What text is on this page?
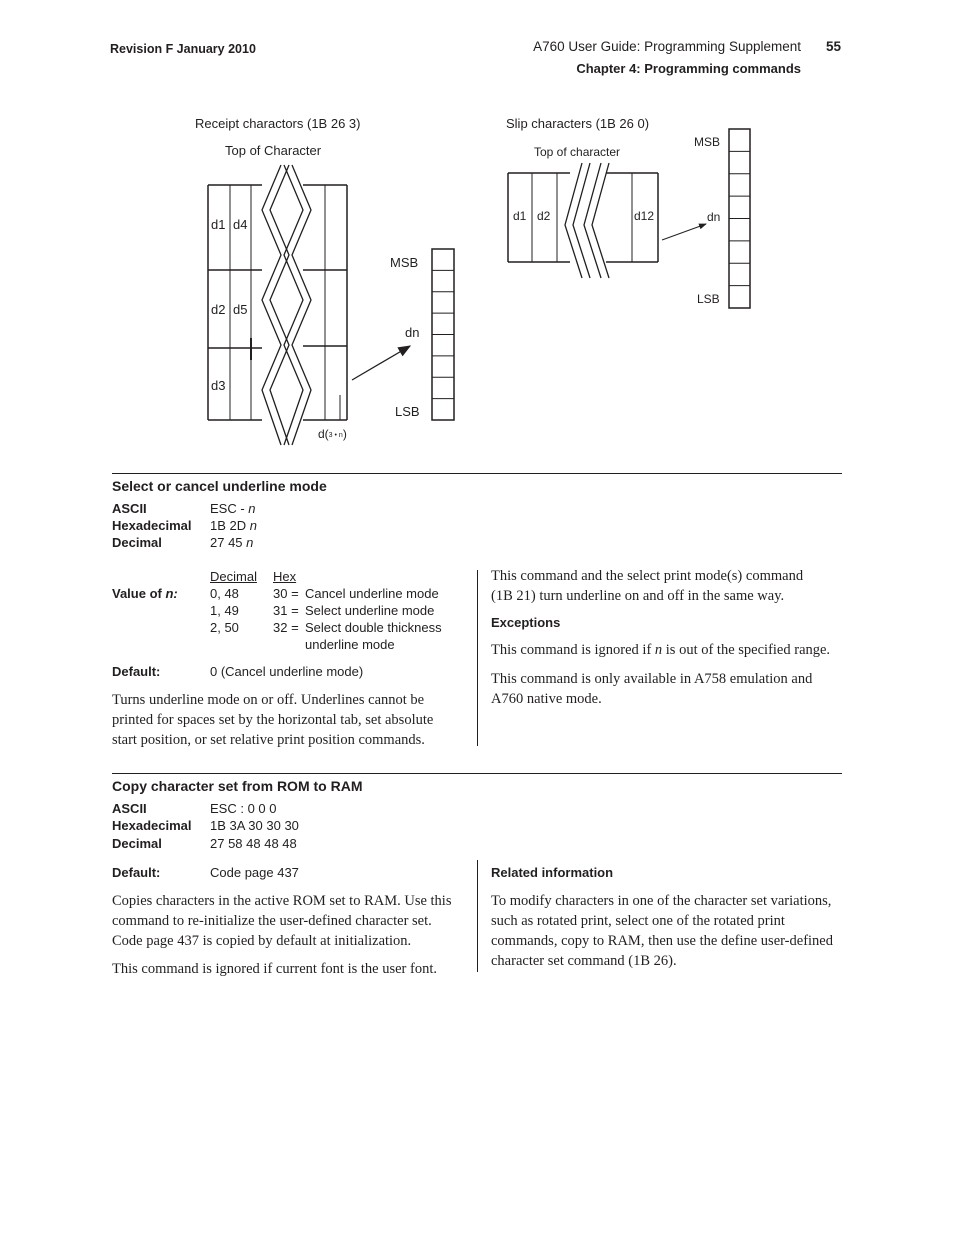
Revision F January 2010	A760 User Guide: Programming Supplement 55
Chapter 4: Programming commands
Receipt charactors (1B 26 3)
Top of Character
d1 d4
d2 d5
d3
d(3 • n)
MSB
dn
LSB
Slip characters (1B 26 0)
Top of character
d1 d2	d12
MSB
dn
LSB
Select or cancel underline mode
ASCII	ESC - n
Hexadecimal 1B 2D n
Decimal	27 45 n
Decimal Hex
Value of n: 0, 48	30 = Cancel underline mode
1, 49	31 = Select underline mode
2, 50	32 = Select double thickness
underline mode
Default:	0 (Cancel underline mode)
Turns underline mode on or off. Underlines cannot be
printed for spaces set by the horizontal tab, set absolute
start position, or set relative print position commands.
This command and the select print mode(s) command
(1B 21) turn underline on and off in the same way.
Exceptions
This command is ignored if n is out of the specified range.
This command is only available in A758 emulation and
A760 native mode.
Copy character set from ROM to RAM
ASCII	ESC : 0 0 0
Hexadecimal 1B 3A 30 30 30
Decimal	27 58 48 48 48
Default:	Code page 437
Copies characters in the active ROM set to RAM. Use this
command to re-initialize the user-defined character set.
Code page 437 is copied by default at initialization.
This command is ignored if current font is the user font.
Related information
To modify characters in one of the character set variations,
such as rotated print, select one of the rotated print
commands, copy to RAM, then use the define user-defined
character set command (1B 26).
